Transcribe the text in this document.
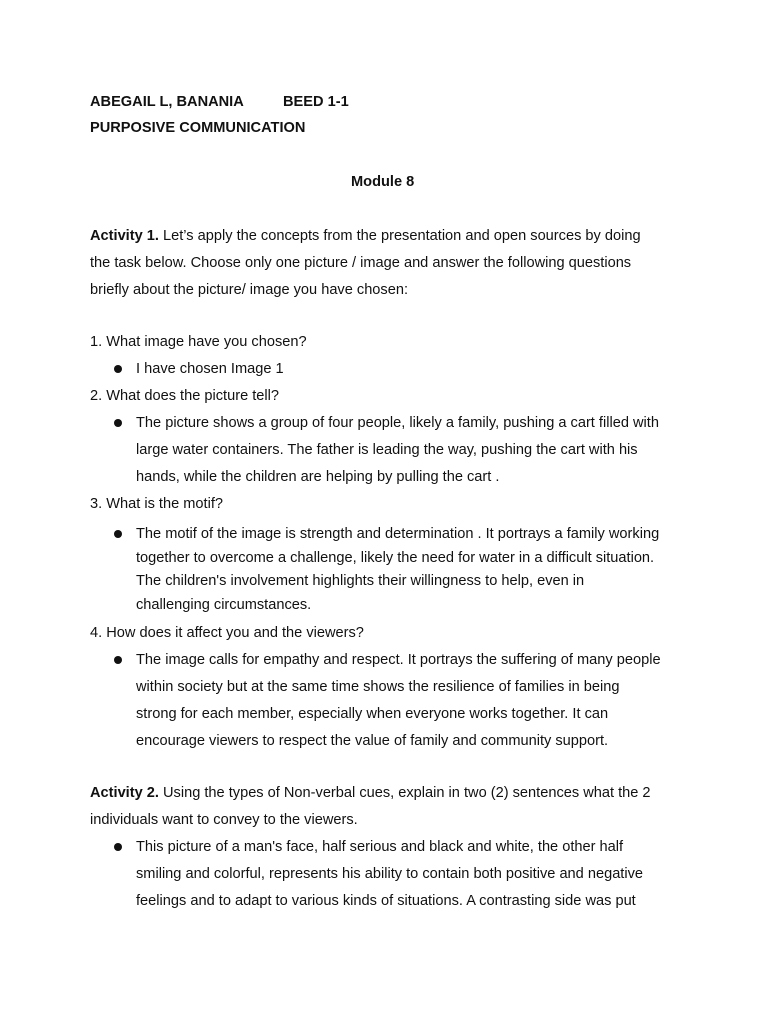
ABEGAIL L, BANANIA	BEED 1-1
PURPOSIVE COMMUNICATION
Module 8
Activity 1. Let’s apply the concepts from the presentation and open sources by doing
the task below. Choose only one picture / image and answer the following questions
briefly about the picture/ image you have chosen:
1. What image have you chosen?
I have chosen Image 1
2. What does the picture tell?
The picture shows a group of four people, likely a family, pushing a cart filled with
large water containers. The father is leading the way, pushing the cart with his
hands, while the children are helping by pulling the cart .
3. What is the motif?
The motif of the image is strength and determination . It portrays a family working
together to overcome a challenge, likely the need for water in a difficult situation.
The children's involvement highlights their willingness to help, even in
challenging circumstances.
4. How does it affect you and the viewers?
The image calls for empathy and respect. It portrays the suffering of many people
within society but at the same time shows the resilience of families in being
strong for each member, especially when everyone works together. It can
encourage viewers to respect the value of family and community support.
Activity 2. Using the types of Non-verbal cues, explain in two (2) sentences what the 2
individuals want to convey to the viewers.
This picture of a man's face, half serious and black and white, the other half
smiling and colorful, represents his ability to contain both positive and negative
feelings and to adapt to various kinds of situations. A contrasting side was put
